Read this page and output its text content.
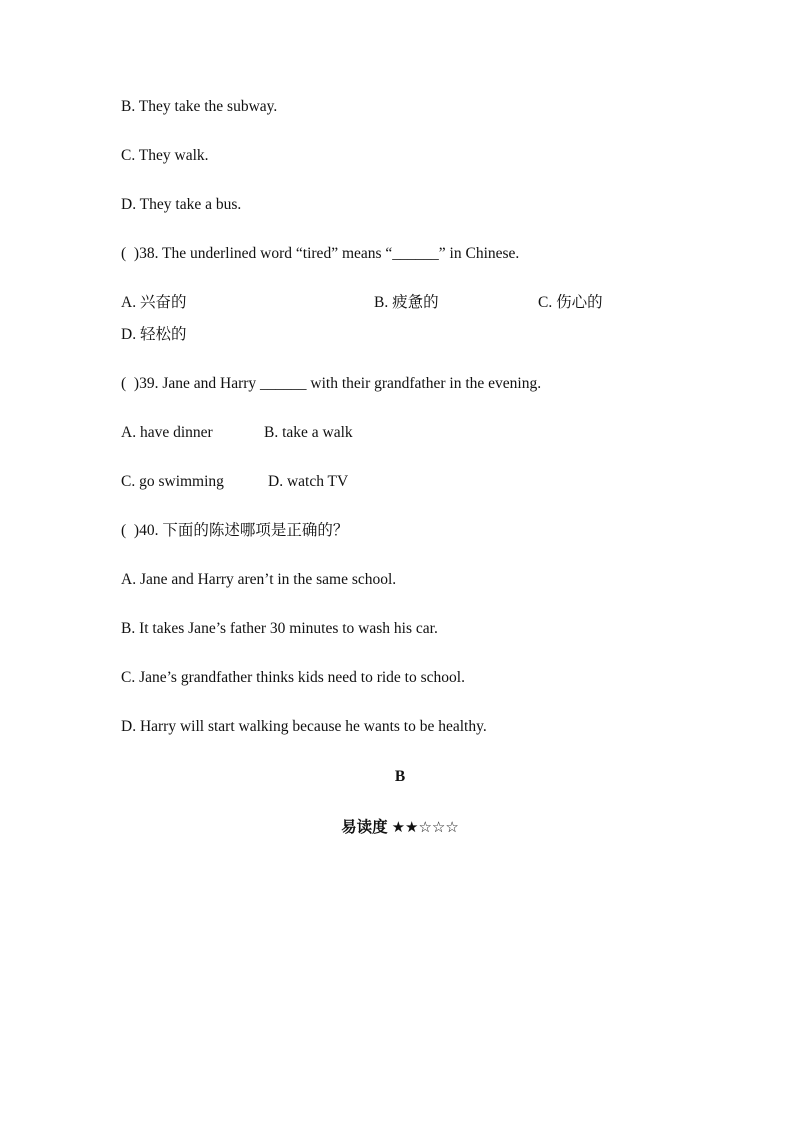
B. They take the subway.
C. They walk.
D. They take a bus.
(  )38. The underlined word “tired” means “______” in Chinese.
A. 兴奋的	B. 疲惫的	C. 伤心的
D. 轻松的
(  )39. Jane and Harry ______ with their grandfather in the evening.
A. have dinner	B. take a walk
C. go swimming	D. watch TV
(  )40. 下面的陈述哪项是正确的？
A. Jane and Harry aren’t in the same school.
B. It takes Jane’s father 30 minutes to wash his car.
C. Jane’s grandfather thinks kids need to ride to school.
D. Harry will start walking because he wants to be healthy.
B
易读度 ★★☆☆☆
